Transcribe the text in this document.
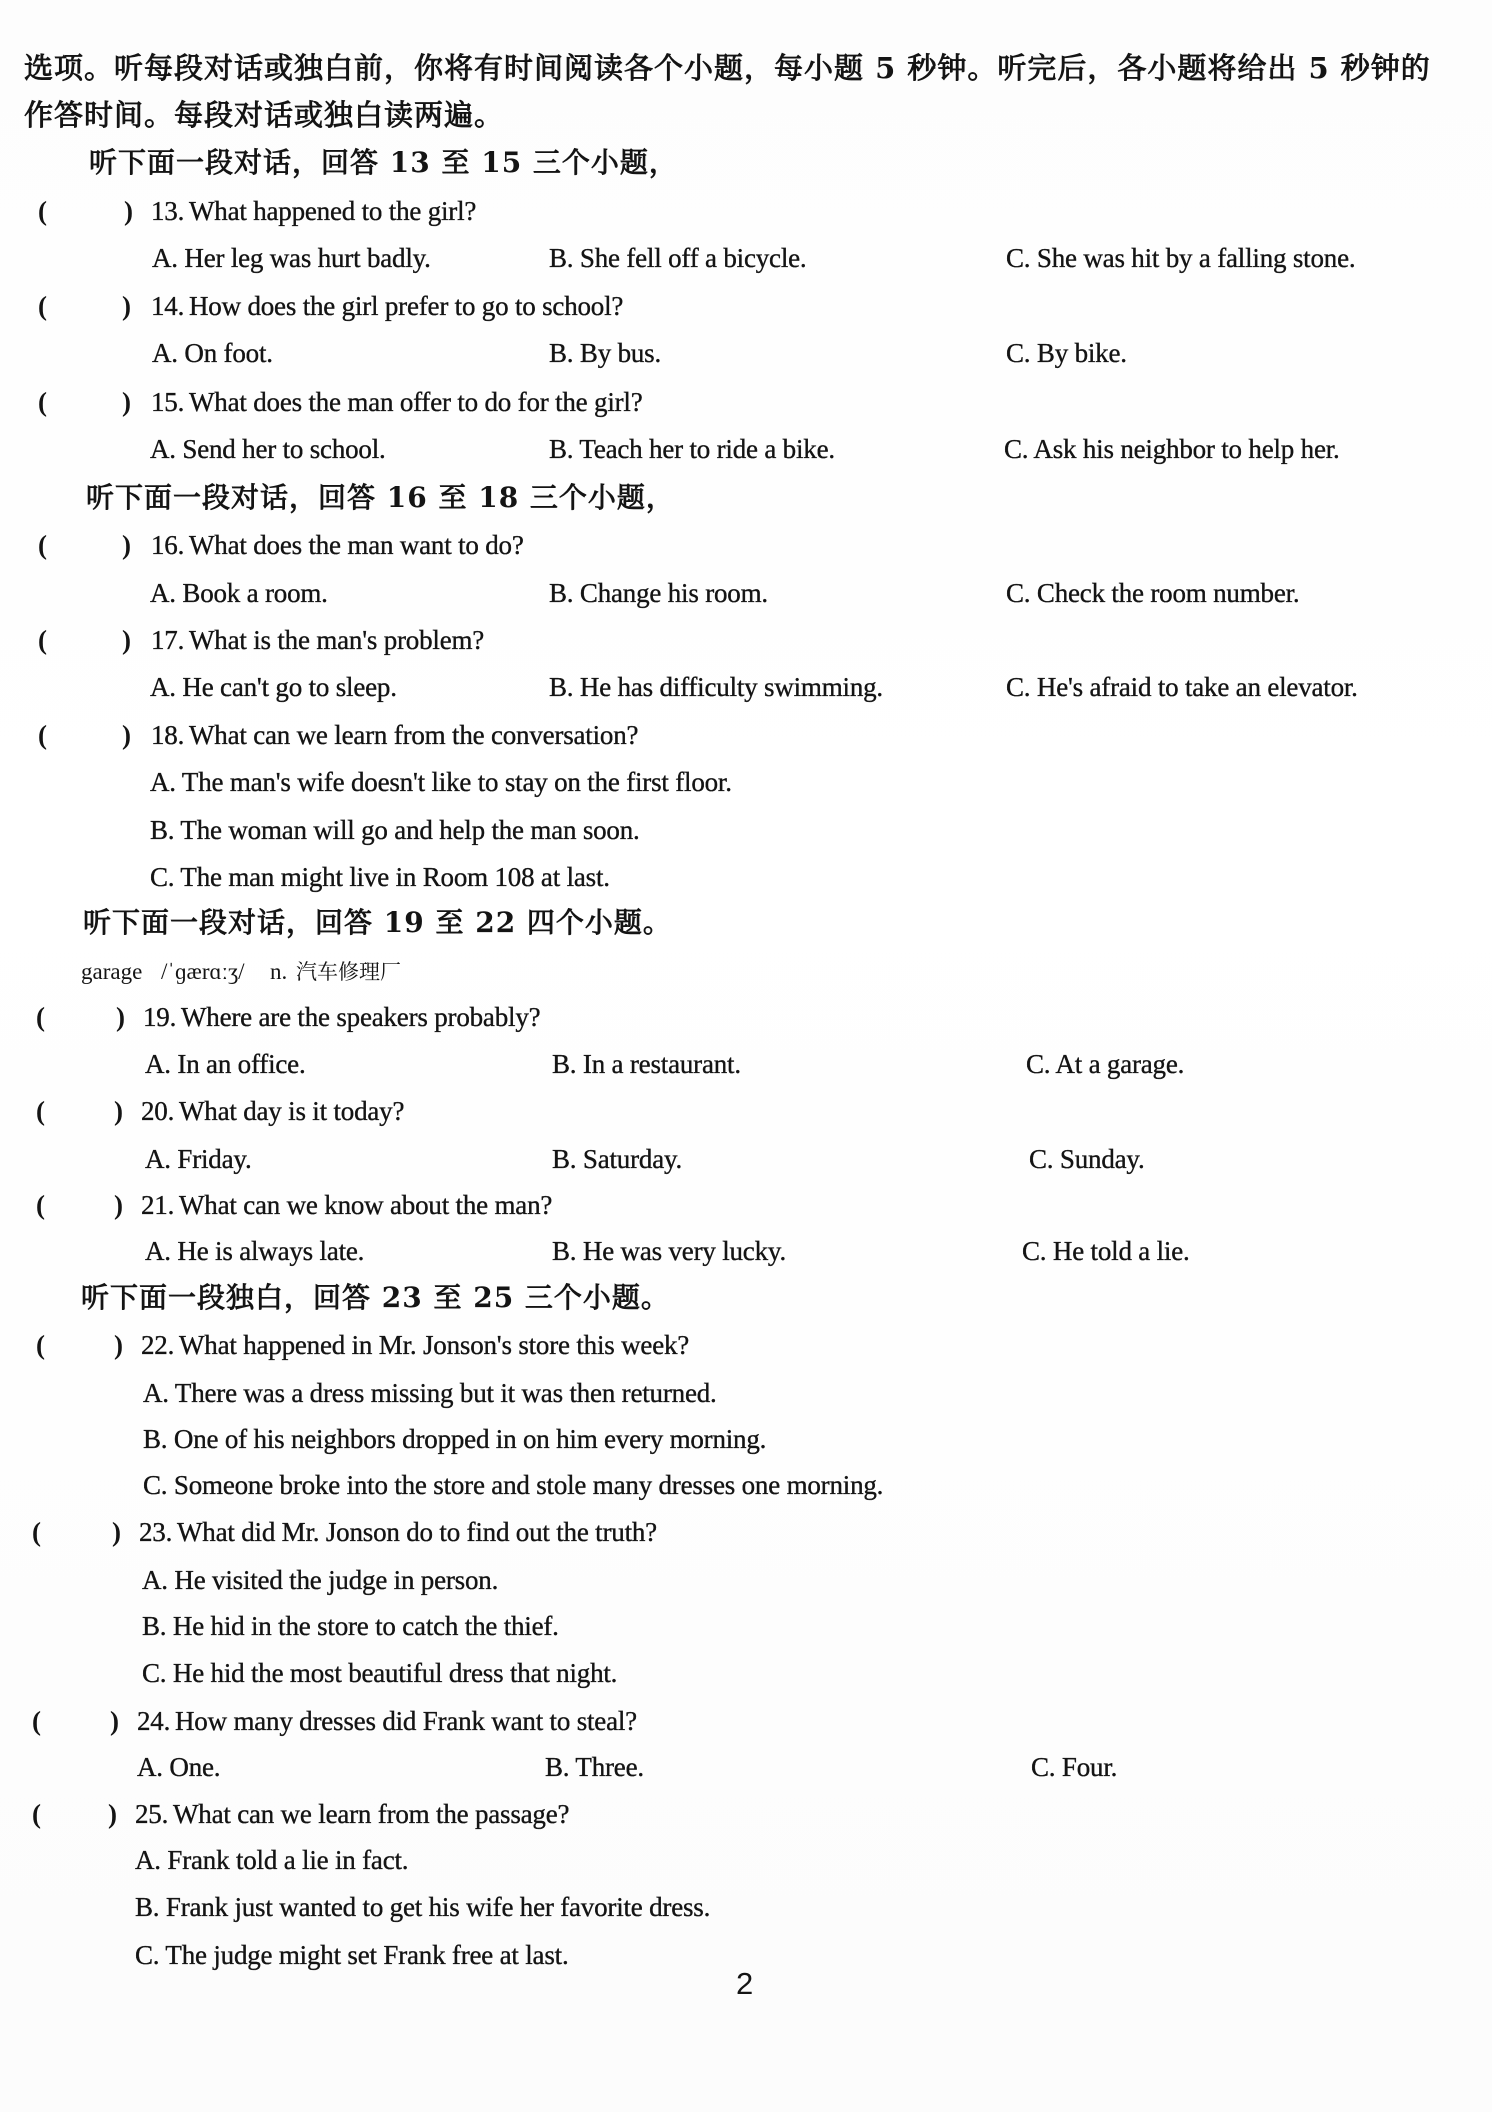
选项。听每段对话或独白前，你将有时间阅读各个小题，每小题 5 秒钟。听完后，各小题将给出 5 秒钟的
作答时间。每段对话或独白读两遍。
听下面一段对话，回答 13 至 15 三个小题，
(	) 13. What happened to the girl?
A. Her leg was hurt badly.	B. She fell off a bicycle.	C. She was hit by a falling stone.
(	) 14. How does the girl prefer to go to school?
A. On foot.	B. By bus.	C. By bike.
(	) 15. What does the man offer to do for the girl?
A. Send her to school.	B. Teach her to ride a bike.	C. Ask his neighbor to help her.
听下面一段对话，回答 16 至 18 三个小题，
(	) 16. What does the man want to do?
A. Book a room.	B. Change his room.	C. Check the room number.
(	) 17. What is the man's problem?
A. He can't go to sleep.	B. He has difficulty swimming.	C. He's afraid to take an elevator.
(	) 18. What can we learn from the conversation?
A. The man's wife doesn't like to stay on the first floor.
B. The woman will go and help the man soon.
C. The man might live in Room 108 at last.
听下面一段对话，回答 19 至 22 四个小题。
garage /ˈɡærɑːʒ/ n. 汽车修理厂
(	) 19. Where are the speakers probably?
A. In an office.	B. In a restaurant.	C. At a garage.
(	) 20. What day is it today?
A. Friday.	B. Saturday.	C. Sunday.
(	) 21. What can we know about the man?
A. He is always late.	B. He was very lucky.	C. He told a lie.
听下面一段独白，回答 23 至 25 三个小题。
(	) 22. What happened in Mr. Jonson's store this week?
A. There was a dress missing but it was then returned.
B. One of his neighbors dropped in on him every morning.
C. Someone broke into the store and stole many dresses one morning.
(	) 23. What did Mr. Jonson do to find out the truth?
A. He visited the judge in person.
B. He hid in the store to catch the thief.
C. He hid the most beautiful dress that night.
(	) 24. How many dresses did Frank want to steal?
A. One.	B. Three.	C. Four.
( ) 25. What can we learn from the passage?
A. Frank told a lie in fact.
B. Frank just wanted to get his wife her favorite dress.
C. The judge might set Frank free at last.
2
